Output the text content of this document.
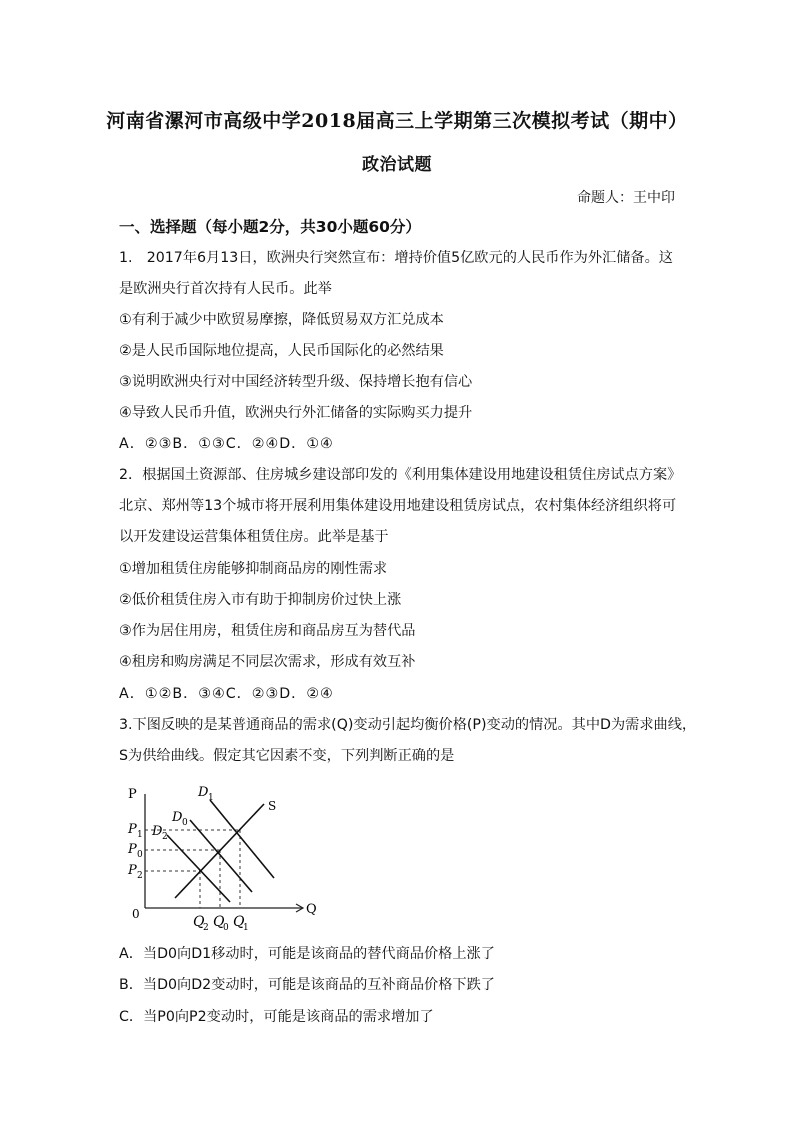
河南省漯河市高级中学2018届高三上学期第三次模拟考试（期中）
政治试题
命题人：王中印
一、选择题（每小题2分，共30小题60分）
1.　2017年6月13日，欧洲央行突然宣布：增持价值5亿欧元的人民币作为外汇储备。这
是欧洲央行首次持有人民币。此举
①有利于减少中欧贸易摩擦，降低贸易双方汇兑成本
②是人民币国际地位提高，人民币国际化的必然结果
③说明欧洲央行对中国经济转型升级、保持增长抱有信心
④导致人民币升值，欧洲央行外汇储备的实际购买力提升
A．②③B．①③C．②④D．①④
2．根据国土资源部、住房城乡建设部印发的《利用集体建设用地建设租赁住房试点方案》
北京、郑州等13个城市将开展利用集体建设用地建设租赁房试点，农村集体经济组织将可
以开发建设运营集体租赁住房。此举是基于
①增加租赁住房能够抑制商品房的刚性需求
②低价租赁住房入市有助于抑制房价过快上涨
③作为居住用房，租赁住房和商品房互为替代品
④租房和购房满足不同层次需求，形成有效互补
A．①②B．③④C．②③D．②④
3.下图反映的是某普通商品的需求(Q)变动引起均衡价格(P)变动的情况。其中D为需求曲线，
S为供给曲线。假定其它因素不变，下列判断正确的是
P
Q
0
S
D 1
D 0
D 2
P 1
P 0
P 2
Q
2 Q
0 Q
1
A．当D0向D1移动时，可能是该商品的替代商品价格上涨了
B．当D0向D2变动时，可能是该商品的互补商品价格下跌了
C．当P0向P2变动时，可能是该商品的需求增加了
